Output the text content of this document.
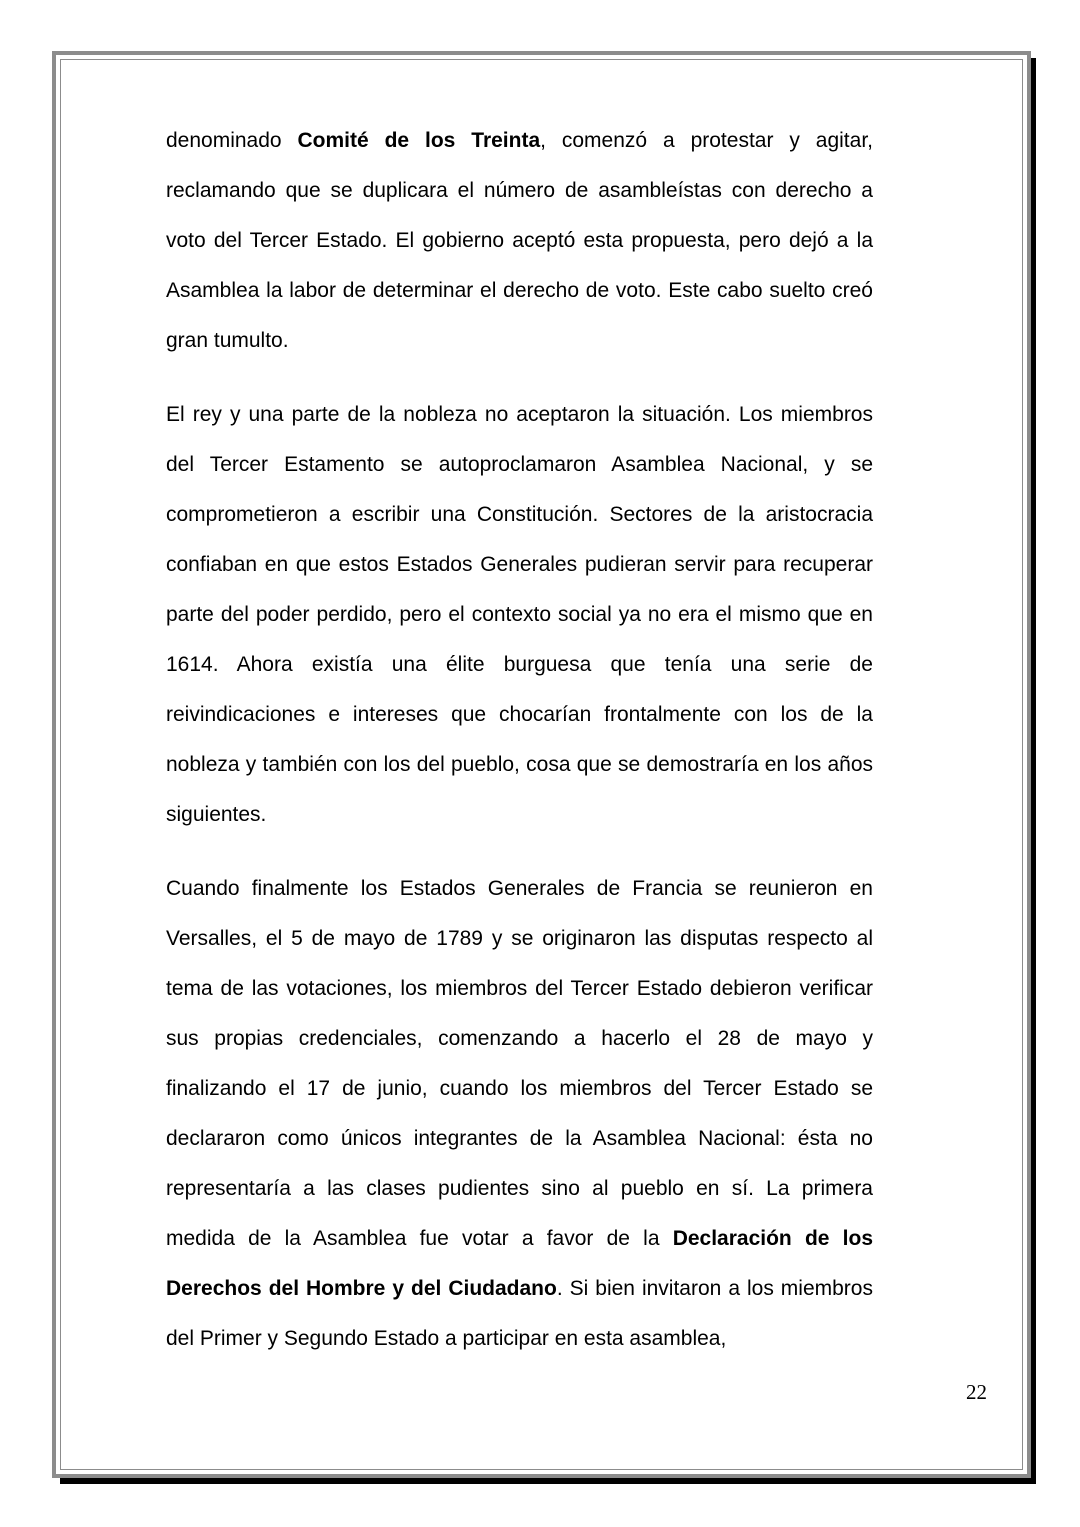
denominado Comité de los Treinta, comenzó a protestar y agitar, reclamando que se duplicara el número de asambleístas con derecho a voto del Tercer Estado. El gobierno aceptó esta propuesta, pero dejó a la Asamblea la labor de determinar el derecho de voto. Este cabo suelto creó gran tumulto.

El rey y una parte de la nobleza no aceptaron la situación. Los miembros del Tercer Estamento se autoproclamaron Asamblea Nacional, y se comprometieron a escribir una Constitución. Sectores de la aristocracia confiaban en que estos Estados Generales pudieran servir para recuperar parte del poder perdido, pero el contexto social ya no era el mismo que en 1614. Ahora existía una élite burguesa que tenía una serie de reivindicaciones e intereses que chocarían frontalmente con los de la nobleza y también con los del pueblo, cosa que se demostraría en los años siguientes.

Cuando finalmente los Estados Generales de Francia se reunieron en Versalles, el 5 de mayo de 1789 y se originaron las disputas respecto al tema de las votaciones, los miembros del Tercer Estado debieron verificar sus propias credenciales, comenzando a hacerlo el 28 de mayo y finalizando el 17 de junio, cuando los miembros del Tercer Estado se declararon como únicos integrantes de la Asamblea Nacional: ésta no representaría a las clases pudientes sino al pueblo en sí. La primera medida de la Asamblea fue votar a favor de la Declaración de los Derechos del Hombre y del Ciudadano. Si bien invitaron a los miembros del Primer y Segundo Estado a participar en esta asamblea,

22
